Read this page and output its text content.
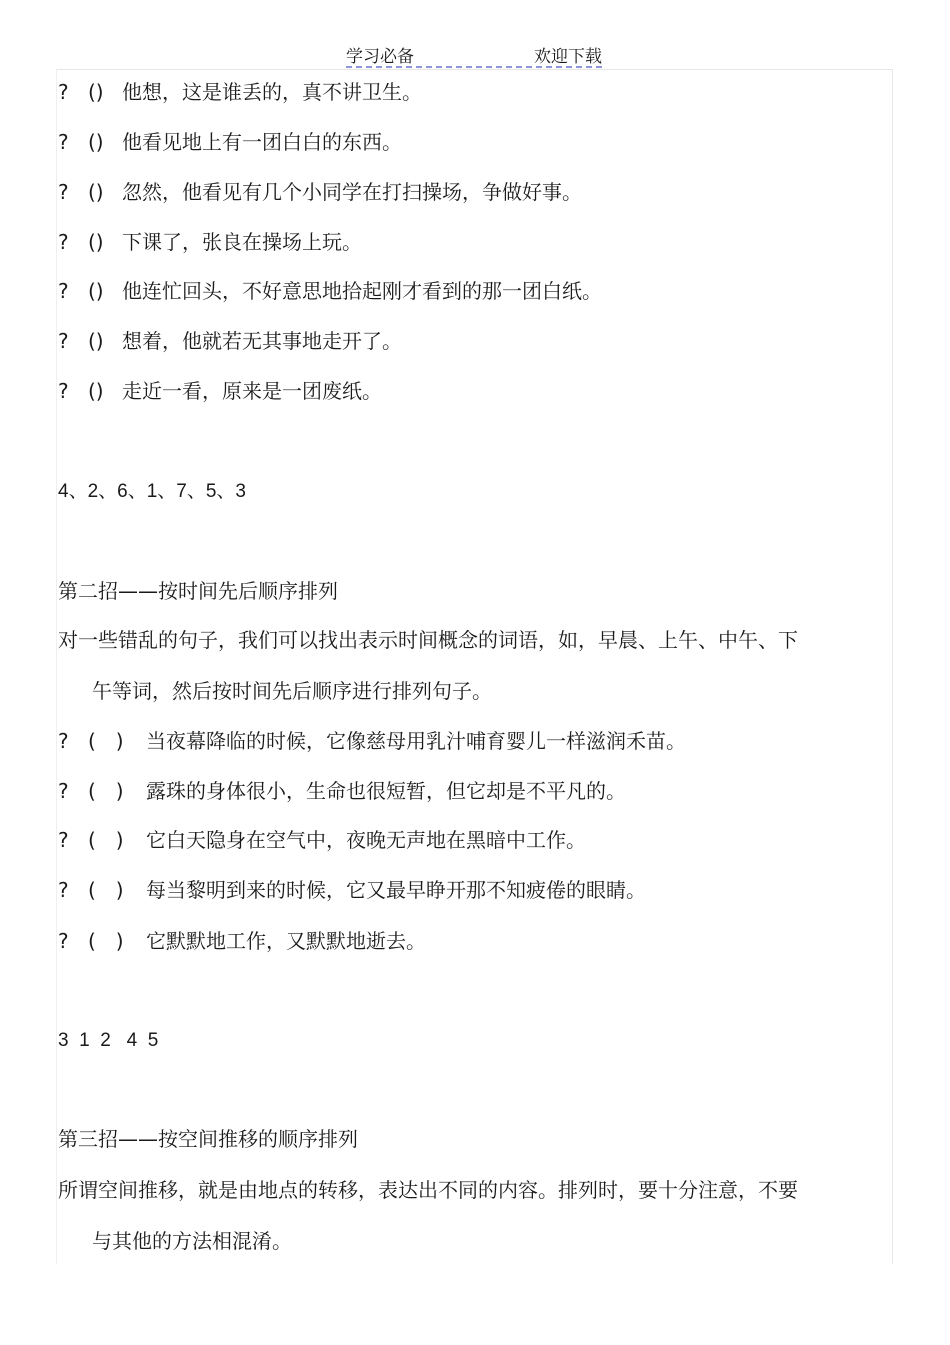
学习必备	欢迎下载
? () 他想，这是谁丢的，真不讲卫生。
? () 他看见地上有一团白白的东西。
? () 忽然，他看见有几个小同学在打扫操场，争做好事。
? () 下课了，张良在操场上玩。
? () 他连忙回头，不好意思地拾起刚才看到的那一团白纸。
? () 想着，他就若无其事地走开了。
? () 走近一看，原来是一团废纸。
4、2、6、1、7、5、3
第二招——按时间先后顺序排列
对一些错乱的句子，我们可以找出表示时间概念的词语，如，早晨、上午、中午、下
午等词，然后按时间先后顺序进行排列句子。
? (　) 当夜幕降临的时候，它像慈母用乳汁哺育婴儿一样滋润禾苗。
? (　) 露珠的身体很小，生命也很短暂，但它却是不平凡的。
? (　) 它白天隐身在空气中，夜晚无声地在黑暗中工作。
? (　) 每当黎明到来的时候，它又最早睁开那不知疲倦的眼睛。
? (　) 它默默地工作，又默默地逝去。
3  1  2   4  5
第三招——按空间推移的顺序排列
所谓空间推移，就是由地点的转移，表达出不同的内容。排列时，要十分注意，不要
与其他的方法相混淆。
